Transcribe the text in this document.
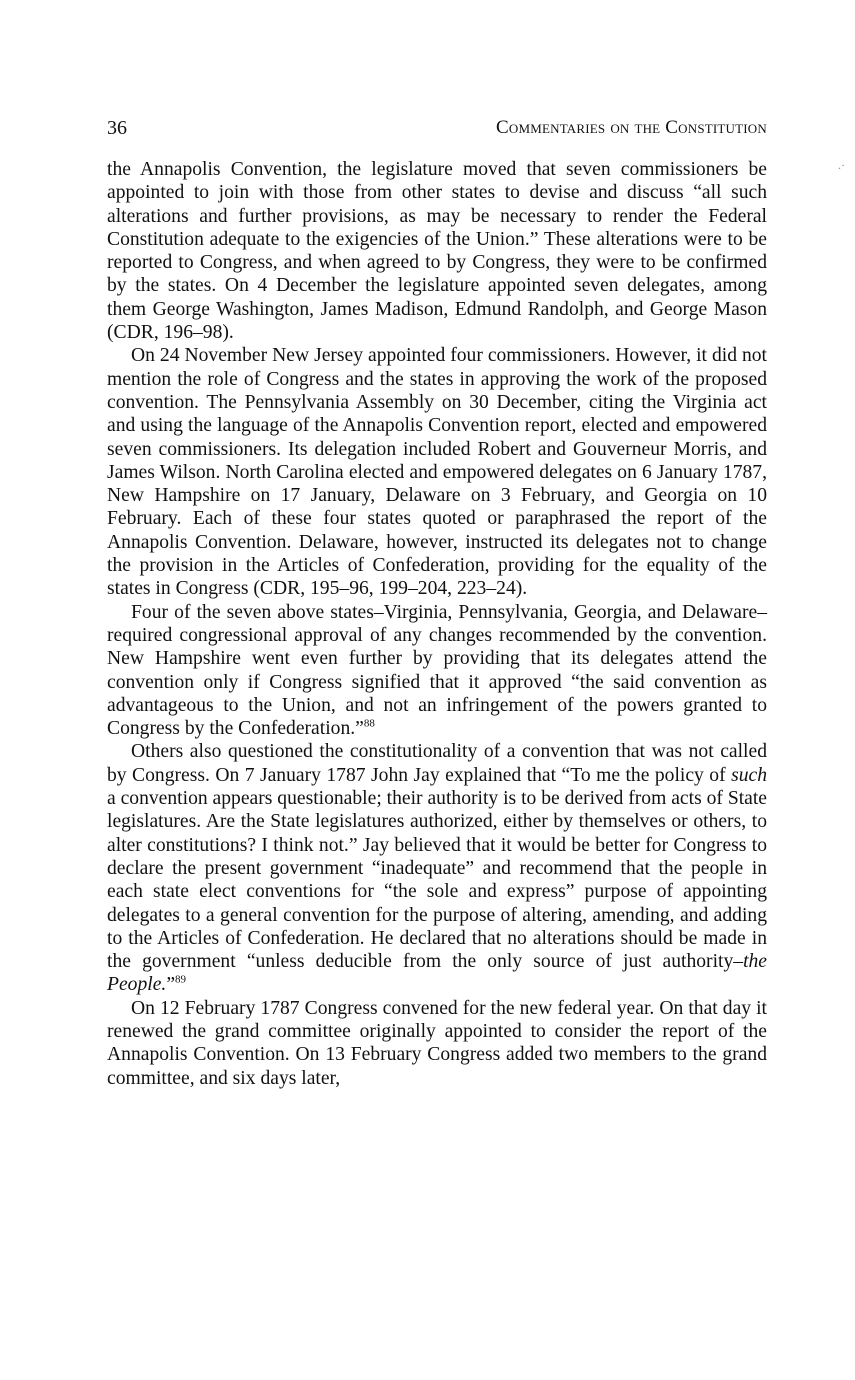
36	Commentaries on the Constitution
.·

the Annapolis Convention, the legislature moved that seven commissioners be appointed to join with those from other states to devise and discuss “all such alterations and further provisions, as may be necessary to render the Federal Constitution adequate to the exigencies of the Union.” These alterations were to be reported to Congress, and when agreed to by Congress, they were to be confirmed by the states. On 4 December the legislature appointed seven delegates, among them George Washington, James Madison, Edmund Randolph, and George Mason (CDR, 196–98).

On 24 November New Jersey appointed four commissioners. However, it did not mention the role of Congress and the states in approving the work of the proposed convention. The Pennsylvania Assembly on 30 December, citing the Virginia act and using the language of the Annapolis Convention report, elected and empowered seven commissioners. Its delegation included Robert and Gouverneur Morris, and James Wilson. North Carolina elected and empowered delegates on 6 January 1787, New Hampshire on 17 January, Delaware on 3 February, and Georgia on 10 February. Each of these four states quoted or paraphrased the report of the Annapolis Convention. Delaware, however, instructed its delegates not to change the provision in the Articles of Confederation, providing for the equality of the states in Congress (CDR, 195–96, 199–204, 223–24).

Four of the seven above states–Virginia, Pennsylvania, Georgia, and Delaware–required congressional approval of any changes recommended by the convention. New Hampshire went even further by providing that its delegates attend the convention only if Congress signified that it approved “the said convention as advantageous to the Union, and not an infringement of the powers granted to Congress by the Confederation.”$^{88}$

Others also questioned the constitutionality of a convention that was not called by Congress. On 7 January 1787 John Jay explained that “To me the policy of such a convention appears questionable; their authority is to be derived from acts of State legislatures. Are the State legislatures authorized, either by themselves or others, to alter constitutions? I think not.” Jay believed that it would be better for Congress to declare the present government “inadequate” and recommend that the people in each state elect conventions for “the sole and express” purpose of appointing delegates to a general convention for the purpose of altering, amending, and adding to the Articles of Confederation. He declared that no alterations should be made in the government “unless deducible from the only source of just authority–the People.”$^{89}$

On 12 February 1787 Congress convened for the new federal year. On that day it renewed the grand committee originally appointed to consider the report of the Annapolis Convention. On 13 February Congress added two members to the grand committee, and six days later,
